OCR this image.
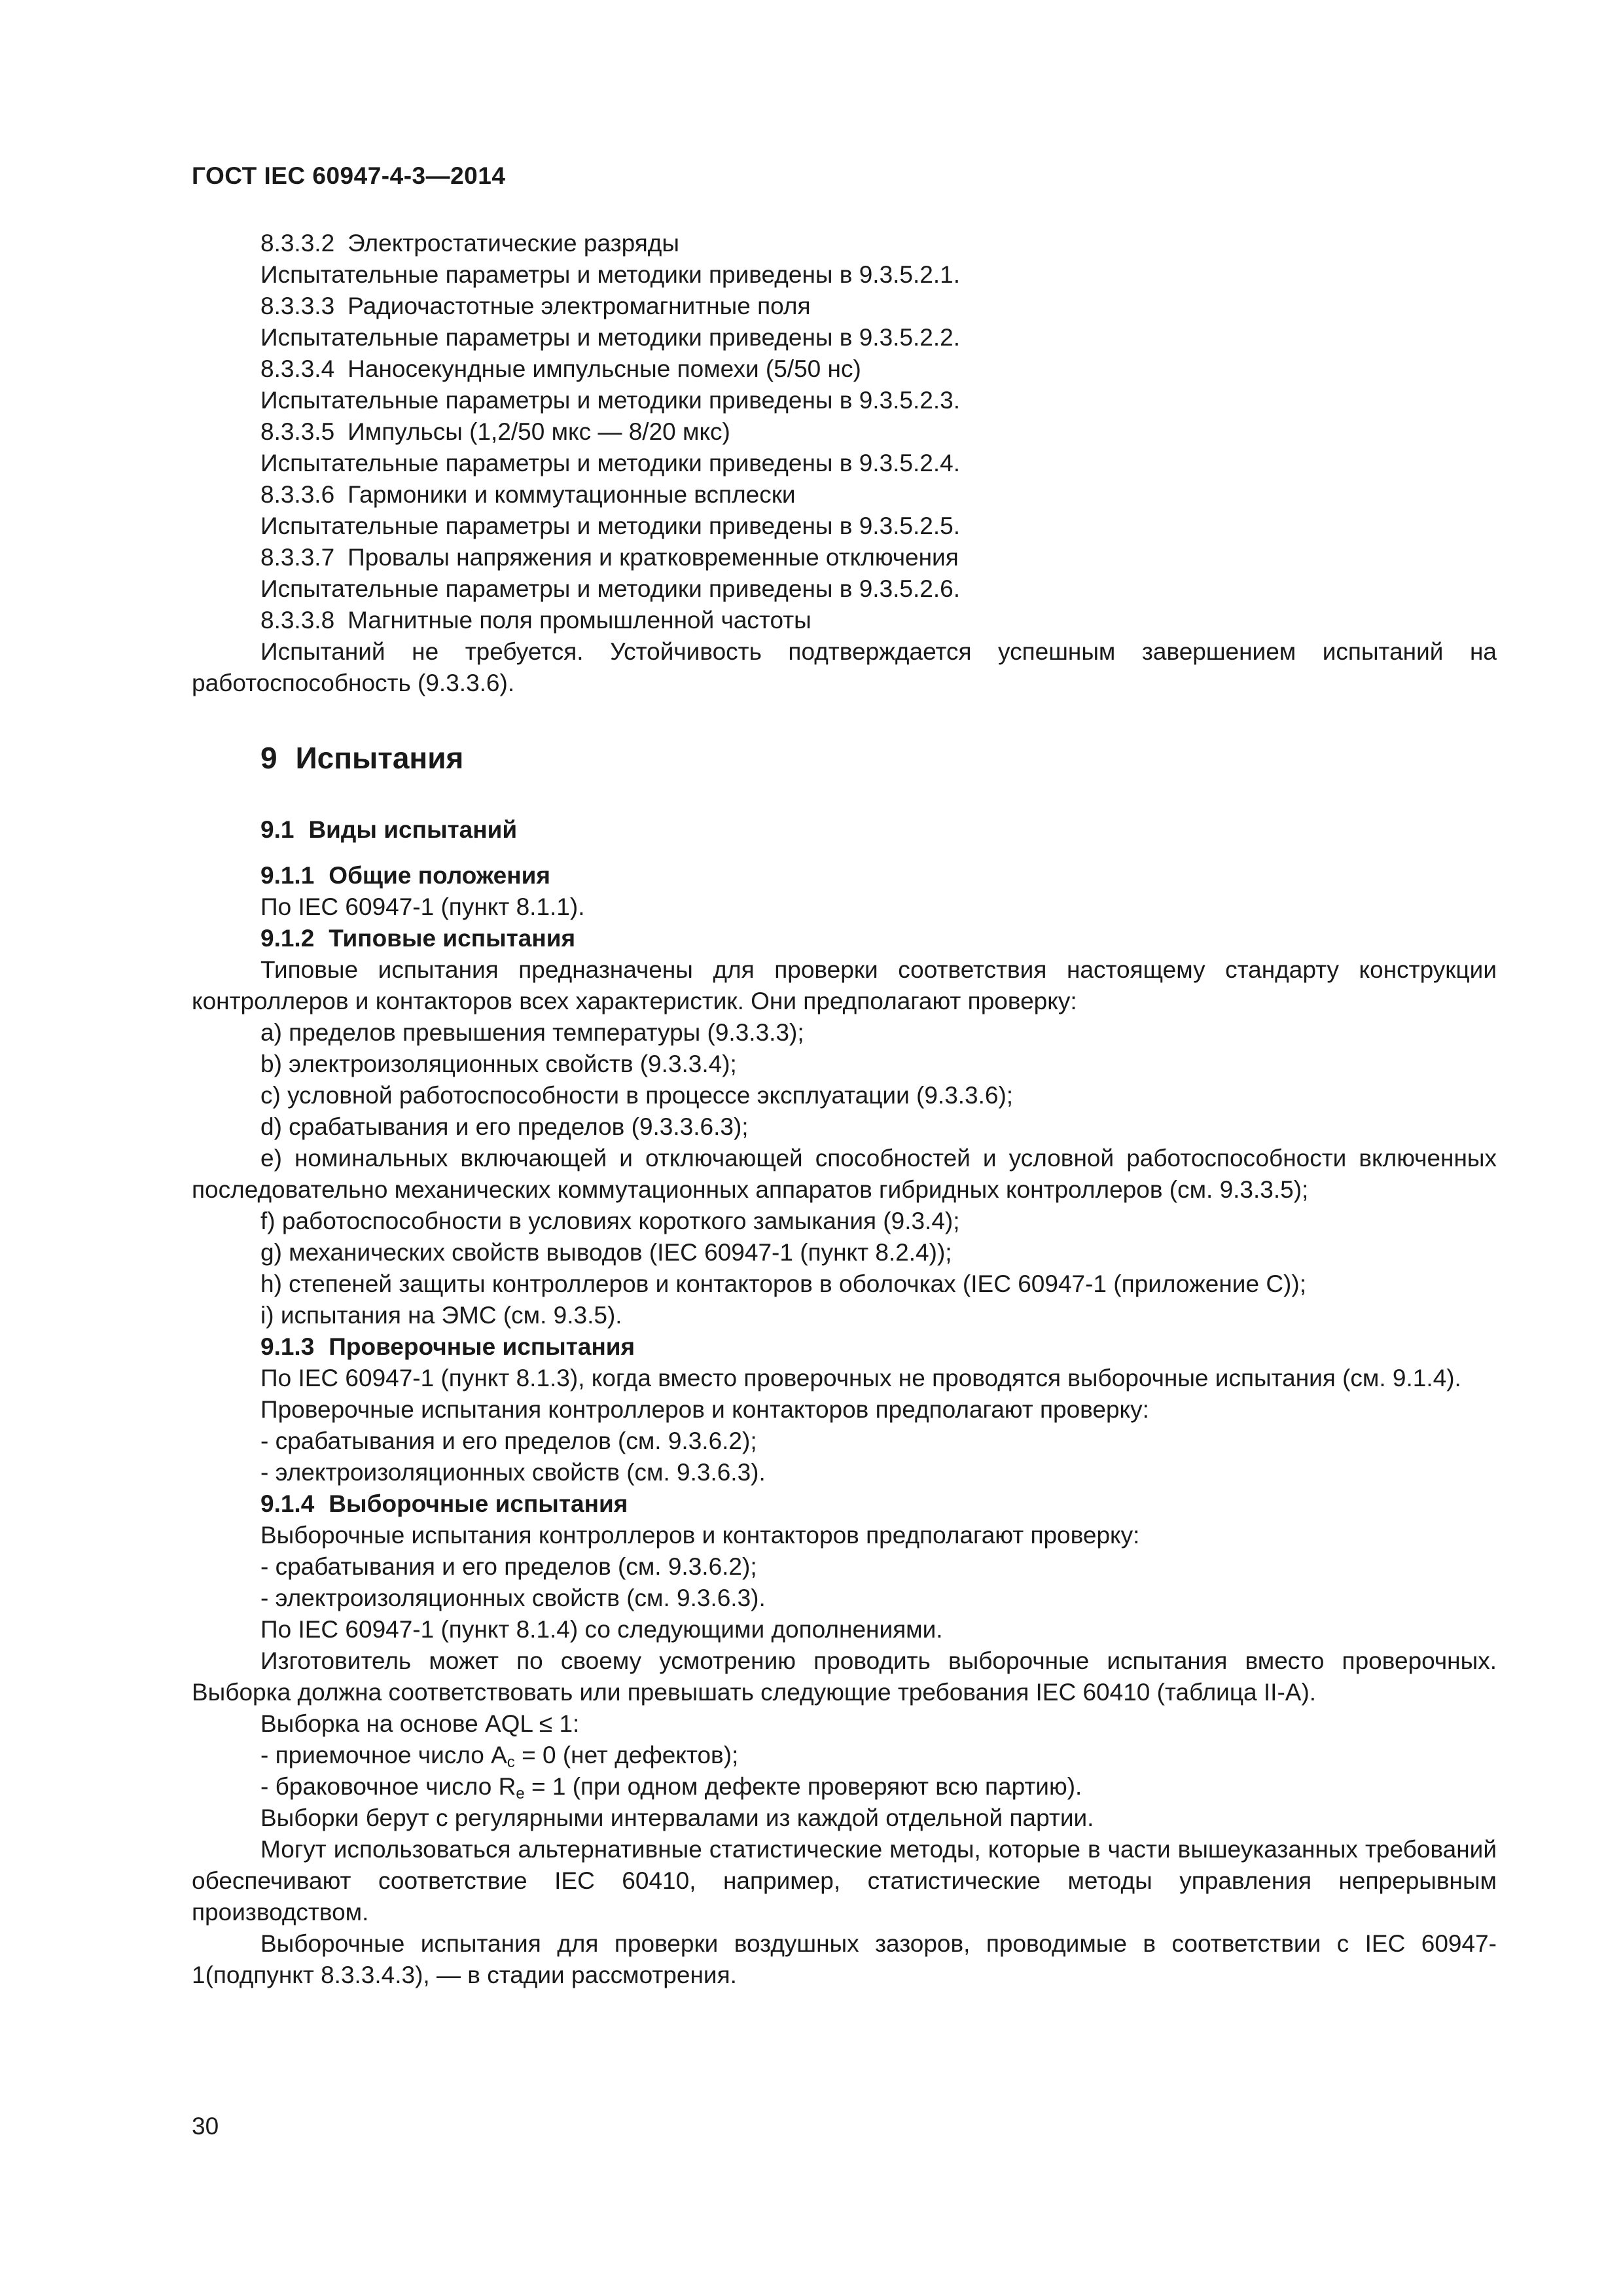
ГОСТ IEC 60947-4-3—2014

8.3.3.2 Электростатические разряды

Испытательные параметры и методики приведены в 9.3.5.2.1.

8.3.3.3 Радиочастотные электромагнитные поля

Испытательные параметры и методики приведены в 9.3.5.2.2.

8.3.3.4 Наносекундные импульсные помехи (5/50 нс)

Испытательные параметры и методики приведены в 9.3.5.2.3.

8.3.3.5 Импульсы (1,2/50 мкс — 8/20 мкс)

Испытательные параметры и методики приведены в 9.3.5.2.4.

8.3.3.6 Гармоники и коммутационные всплески

Испытательные параметры и методики приведены в 9.3.5.2.5.

8.3.3.7 Провалы напряжения и кратковременные отключения

Испытательные параметры и методики приведены в 9.3.5.2.6.

8.3.3.8 Магнитные поля промышленной частоты

Испытаний не требуется. Устойчивость подтверждается успешным завершением испытаний на работоспособность (9.3.3.6).

9 Испытания

9.1 Виды испытаний

9.1.1 Общие положения

По IEC 60947-1 (пункт 8.1.1).

9.1.2 Типовые испытания

Типовые испытания предназначены для проверки соответствия настоящему стандарту конструкции контроллеров и контакторов всех характеристик. Они предполагают проверку:

a) пределов превышения температуры (9.3.3.3);

b) электроизоляционных свойств (9.3.3.4);

c) условной работоспособности в процессе эксплуатации (9.3.3.6);

d) срабатывания и его пределов (9.3.3.6.3);

e) номинальных включающей и отключающей способностей и условной работоспособности включенных последовательно механических коммутационных аппаратов гибридных контроллеров (см. 9.3.3.5);

f) работоспособности в условиях короткого замыкания (9.3.4);

g) механических свойств выводов (IEC 60947-1 (пункт 8.2.4));

h) степеней защиты контроллеров и контакторов в оболочках (IEC 60947-1 (приложение С));

i) испытания на ЭМС (см. 9.3.5).

9.1.3 Проверочные испытания

По IEC 60947-1 (пункт 8.1.3), когда вместо проверочных не проводятся выборочные испытания (см. 9.1.4).

Проверочные испытания контроллеров и контакторов предполагают проверку:

- срабатывания и его пределов (см. 9.3.6.2);

- электроизоляционных свойств (см. 9.3.6.3).

9.1.4 Выборочные испытания

Выборочные испытания контроллеров и контакторов предполагают проверку:

- срабатывания и его пределов (см. 9.3.6.2);

- электроизоляционных свойств (см. 9.3.6.3).

По IEC 60947-1 (пункт 8.1.4) со следующими дополнениями.

Изготовитель может по своему усмотрению проводить выборочные испытания вместо проверочных. Выборка должна соответствовать или превышать следующие требования IEC 60410 (таблица II-A).

Выборка на основе AQL ≤ 1:

- приемочное число $A_c = 0$ (нет дефектов);

- браковочное число $R_e = 1$ (при одном дефекте проверяют всю партию).

Выборки берут с регулярными интервалами из каждой отдельной партии.

Могут использоваться альтернативные статистические методы, которые в части вышеуказанных требований обеспечивают соответствие IEC 60410, например, статистические методы управления непрерывным производством.

Выборочные испытания для проверки воздушных зазоров, проводимые в соответствии с IEC 60947-1(подпункт 8.3.3.4.3), — в стадии рассмотрения.

30
